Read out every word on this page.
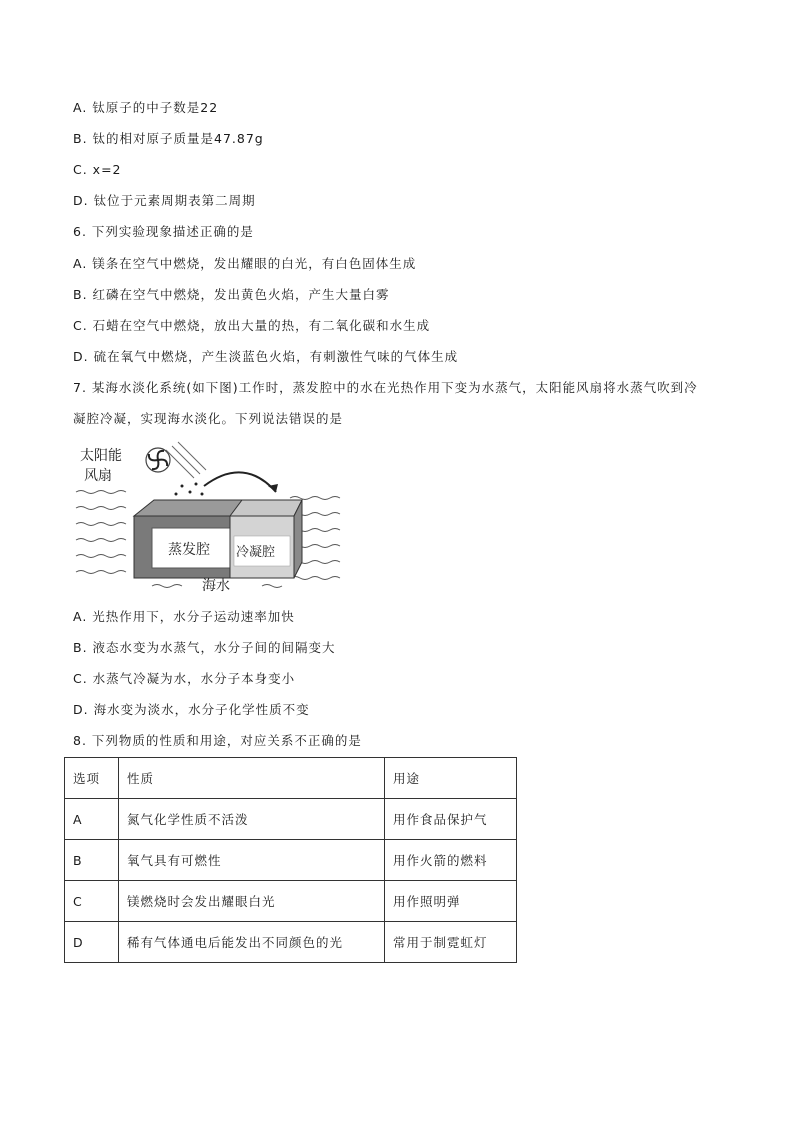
A. 钛原子的中子数是22
B. 钛的相对原子质量是47.87g
C. x=2
D. 钛位于元素周期表第二周期
6. 下列实验现象描述正确的是
A. 镁条在空气中燃烧，发出耀眼的白光，有白色固体生成
B. 红磷在空气中燃烧，发出黄色火焰，产生大量白雾
C. 石蜡在空气中燃烧，放出大量的热，有二氧化碳和水生成
D. 硫在氧气中燃烧，产生淡蓝色火焰，有刺激性气味的气体生成
7. 某海水淡化系统(如下图)工作时，蒸发腔中的水在光热作用下变为水蒸气，太阳能风扇将水蒸气吹到冷
凝腔冷凝，实现海水淡化。下列说法错误的是
太阳能
风扇
蒸发腔 冷凝腔
海水
A. 光热作用下，水分子运动速率加快
B. 液态水变为水蒸气，水分子间的间隔变大
C. 水蒸气冷凝为水，水分子本身变小
D. 海水变为淡水，水分子化学性质不变
8. 下列物质的性质和用途，对应关系不正确的是
选项	性质	用途
A	氮气化学性质不活泼	用作食品保护气
B	氧气具有可燃性	用作火箭的燃料
C	镁燃烧时会发出耀眼白光	用作照明弹
D	稀有气体通电后能发出不同颜色的光	常用于制霓虹灯
